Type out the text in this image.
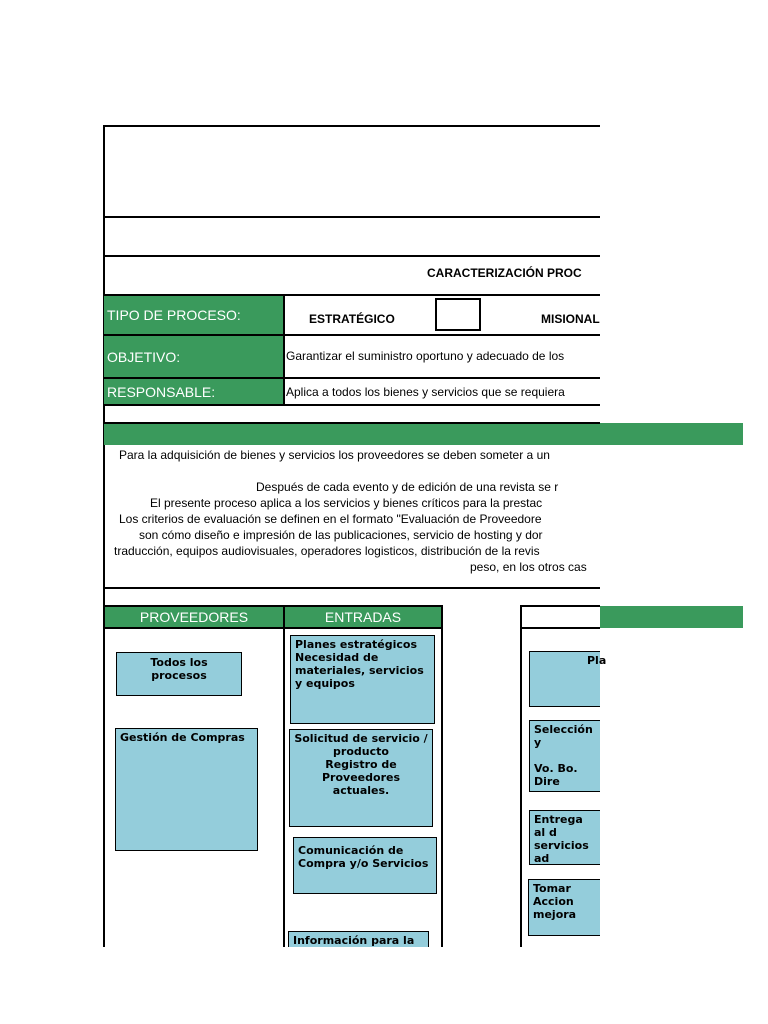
CARACTERIZACIÓN PROC
TIPO DE PROCESO:	ESTRATÉGICO	MISIONAL
OBJETIVO:	Garantizar el suministro oportuno y adecuado de los
RESPONSABLE:	Aplica a todos los bienes y servicios que se requiera
Para la adquisición de bienes y servicios los proveedores se deben someter a un
Después de cada evento y de edición de una revista se r
El presente proceso aplica a los servicios y bienes críticos para la prestac
Los criterios de evaluación se definen en el formato "Evaluación de Proveedore
son cómo diseño e impresión de las publicaciones, servicio de hosting y dor
traducción, equipos audiovisuales, operadores logisticos, distribución de la revis
peso, en los otros cas
PROVEEDORES	ENTRADAS
Todos los procesos
Gestión de Compras
Planes estratégicos
Necesidad de materiales, servicios y equipos
Solicitud de servicio / producto
Registro de Proveedores actuales.
Comunicación de Compra y/o Servicios
Información para la
Pla
Selección y

Vo. Bo. Dire
Entrega al d
servicios ad
Tomar Accion
mejora
